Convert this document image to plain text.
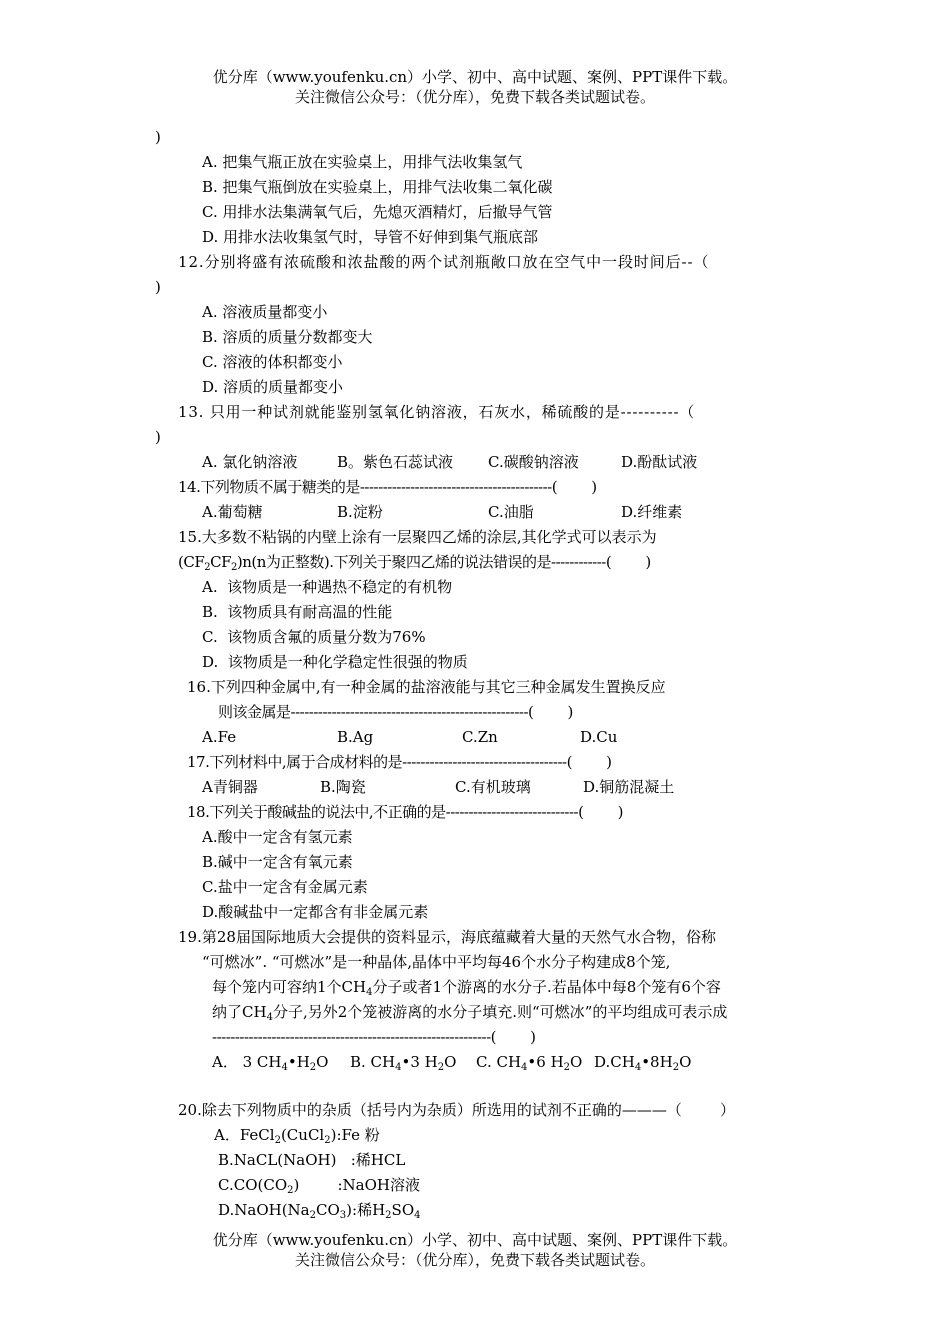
优分库（www.youfenku.cn）小学、初中、高中试题、案例、PPT课件下载。
关注微信公众号：（优分库），免费下载各类试题试卷。
)
A. 把集气瓶正放在实验桌上，用排气法收集氢气
B. 把集气瓶倒放在实验桌上，用排气法收集二氧化碳
C. 用排水法集满氧气后，先熄灭酒精灯，后撤导气管
D. 用排水法收集氢气时，导管不好伸到集气瓶底部
12.分别将盛有浓硫酸和浓盐酸的两个试剂瓶敞口放在空气中一段时间后--（
)
A. 溶液质量都变小
B. 溶质的质量分数都变大
C. 溶液的体积都变小
D. 溶质的质量都变小
13. 只用一种试剂就能鉴别氢氧化钠溶液，石灰水，稀硫酸的是----------（
)
A. 氯化钠溶液	B。紫色石蕊试液 C.碳酸钠溶液	D.酚酞试液
14.下列物质不属于糖类的是------------------------------------------(        )
A.葡萄糖	B.淀粉	C.油脂	D.纤维素
15.大多数不粘锅的内壁上涂有一层聚四乙烯的涂层,其化学式可以表示为
$(CF_2CF_2)n(n$为正整数).下列关于聚四乙烯的说法错误的是------------(        )
A.  该物质是一种遇热不稳定的有机物
B.  该物质具有耐高温的性能
C.  该物质含氟的质量分数为76%
D.  该物质是一种化学稳定性很强的物质
16.下列四种金属中,有一种金属的盐溶液能与其它三种金属发生置换反应
则该金属是----------------------------------------------------(        )
A.Fe	B.Ag	C.Zn	D.Cu
17.下列材料中,属于合成材料的是------------------------------------(        )
A青铜器	B.陶瓷	C.有机玻璃	D.铜筋混凝土
18.下列关于酸碱盐的说法中,不正确的是-----------------------------(        )
A.酸中一定含有氢元素
B.碱中一定含有氧元素
C.盐中一定含有金属元素
D.酸碱盐中一定都含有非金属元素
19.第28届国际地质大会提供的资料显示，海底蕴藏着大量的天然气水合物，俗称
“可燃冰”. “可燃冰”是一种晶体,晶体中平均每46个水分子构建成8个笼,
每个笼内可容纳1个$CH_4$分子或者1个游离的水分子.若晶体中每8个笼有6个容
纳了$CH_4$分子,另外2个笼被游离的水分子填充.则“可燃冰”的平均组成可表示成
-------------------------------------------------------------(        )
A． 3 $CH_4•H_2O$ B. $CH_4•3$ $H_2O$ C. $CH_4•6$ $H_2O$ $D.CH_4•8H_2O$
20.除去下列物质中的杂质（括号内为杂质）所选用的试剂不正确的———（        ）
A．FeCl$_2$(CuCl$_2$):Fe 粉
B.NaCL(NaOH)   :稀HCL
$C.CO(CO_2)$        :NaOH溶液
$D.NaOH(Na_2CO_3)$:稀$H_2SO_4$
优分库（www.youfenku.cn）小学、初中、高中试题、案例、PPT课件下载。
关注微信公众号：（优分库），免费下载各类试题试卷。
